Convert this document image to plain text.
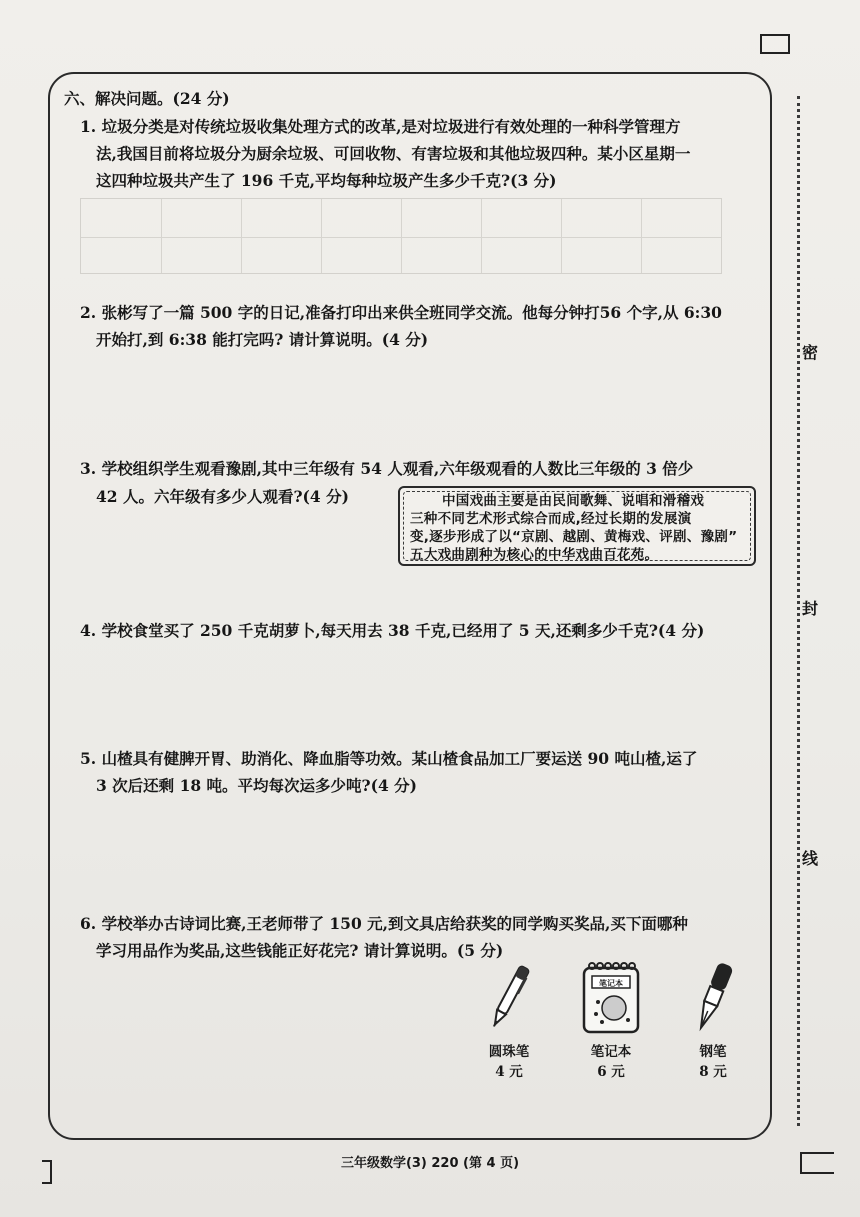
密
封
线
六、解决问题。(24 分)
1. 垃圾分类是对传统垃圾收集处理方式的改革,是对垃圾进行有效处理的一种科学管理方
法,我国目前将垃圾分为厨余垃圾、可回收物、有害垃圾和其他垃圾四种。某小区星期一
这四种垃圾共产生了 196 千克,平均每种垃圾产生多少千克?(3 分)
2. 张彬写了一篇 500 字的日记,准备打印出来供全班同学交流。他每分钟打56 个字,从 6:30
开始打,到 6:38 能打完吗? 请计算说明。(4 分)
3. 学校组织学生观看豫剧,其中三年级有 54 人观看,六年级观看的人数比三年级的 3 倍少
42 人。六年级有多少人观看?(4 分)	中国戏曲主要是由民间歌舞、说唱和滑稽戏
三种不同艺术形式综合而成,经过长期的发展演
变,逐步形成了以“京剧、越剧、黄梅戏、评剧、豫剧”
五大戏曲剧种为核心的中华戏曲百花苑。
4. 学校食堂买了 250 千克胡萝卜,每天用去 38 千克,已经用了 5 天,还剩多少千克?(4 分)
5. 山楂具有健脾开胃、助消化、降血脂等功效。某山楂食品加工厂要运送 90 吨山楂,运了
3 次后还剩 18 吨。平均每次运多少吨?(4 分)
6. 学校举办古诗词比赛,王老师带了 150 元,到文具店给获奖的同学购买奖品,买下面哪种
学习用品作为奖品,这些钱能正好花完? 请计算说明。(5 分)
圆珠笔
4 元
笔记本
笔记本
6 元
钢笔
8 元
三年级数学(3) 220 (第 4 页)
